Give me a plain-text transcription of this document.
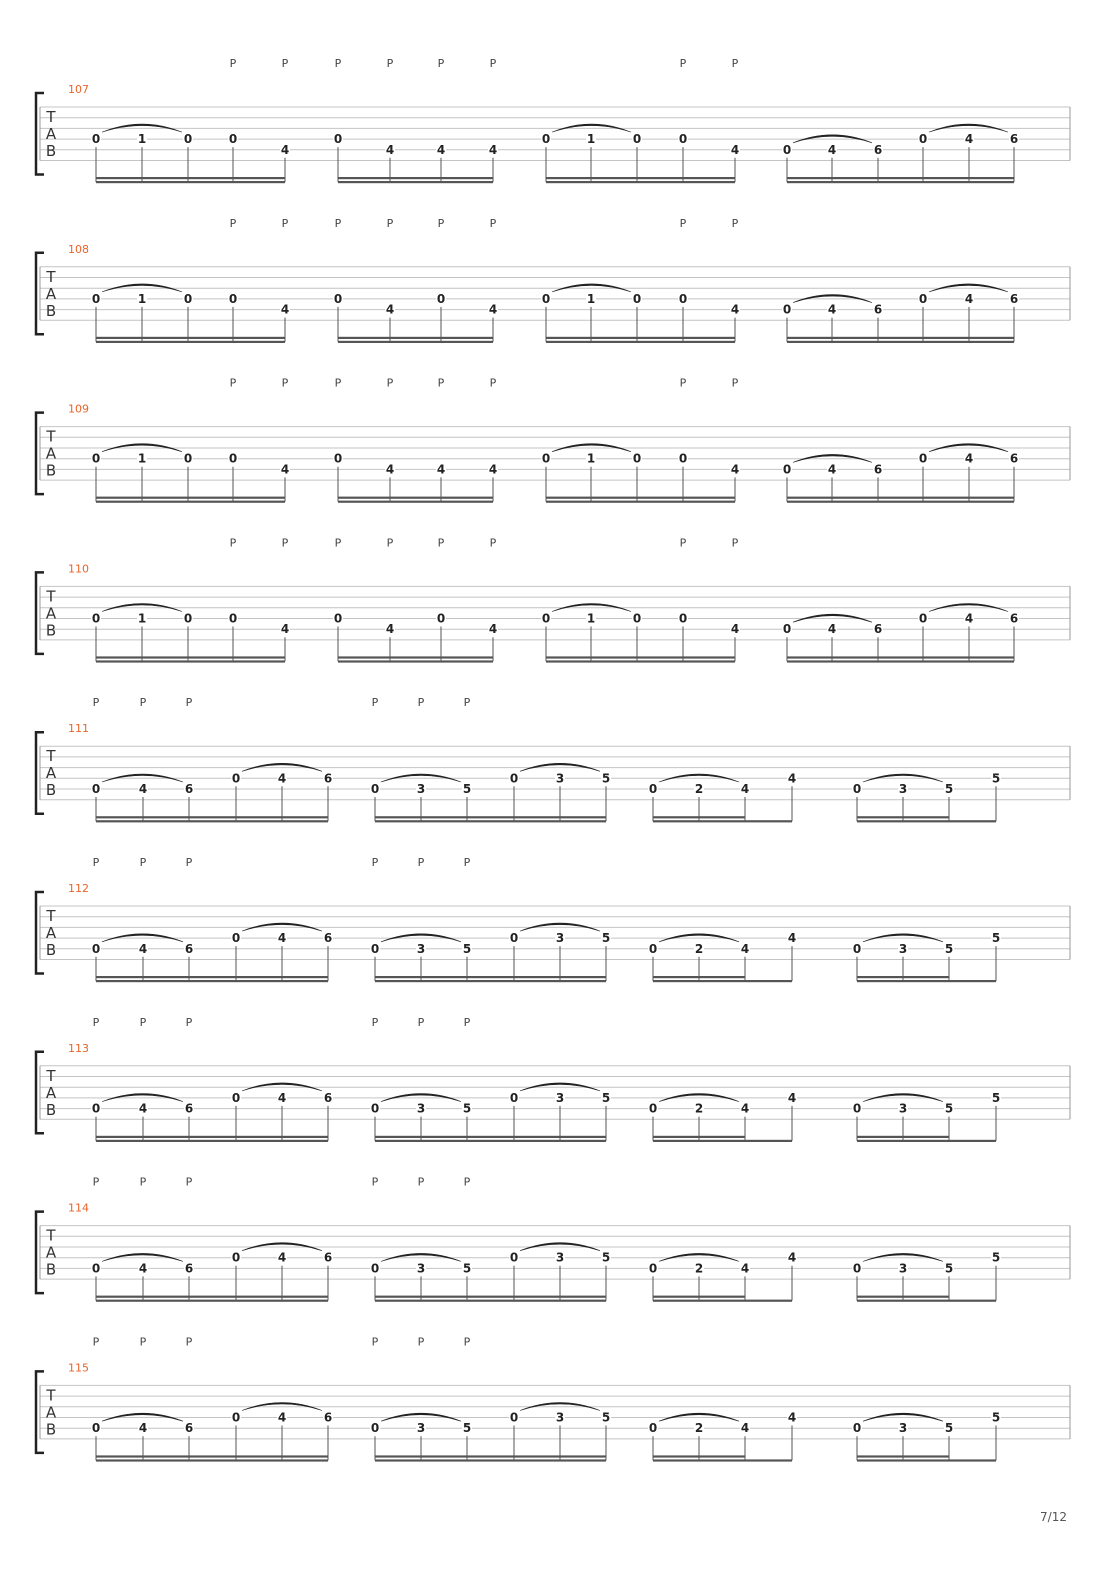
P	P	P	P	P	P	P	P
107
T
A
B
0	1	0	0
4
0
4	4	4
0	1	0	0
4	0	4	6
0	4	6
P	P	P	P	P	P	P	P
108
T
A
B
0	1	0	0
4
0
4
0
4
0	1	0	0
4	0	4	6
0	4	6
P	P	P	P	P	P	P	P
109
T
A
B
0	1	0	0
4
0
4	4	4
0	1	0	0
4	0	4	6
0	4	6
P	P	P	P	P	P	P	P
110
T
A
B
0	1	0	0
4
0
4
0
4
0	1	0	0
4	0	4	6
0	4	6
P	P	P	P	P	P
111
T
A
B	0	4	6
0	4	6
0	3	5
0	3	5
0	2	4
4
0	3	5
5
P	P	P	P	P	P
112
T
A
B	0	4	6
0	4	6
0	3	5
0	3	5
0	2	4
4
0	3	5
5
P	P	P	P	P	P
113
T
A
B	0	4	6
0	4	6
0	3	5
0	3	5
0	2	4
4
0	3	5
5
P	P	P	P	P	P
114
T
A
B	0	4	6
0	4	6
0	3	5
0	3	5
0	2	4
4
0	3	5
5
P	P	P	P	P	P
115
T
A
B	0	4	6
0	4	6
0	3	5
0	3	5
0	2	4
4
0	3	5
5
7/12
